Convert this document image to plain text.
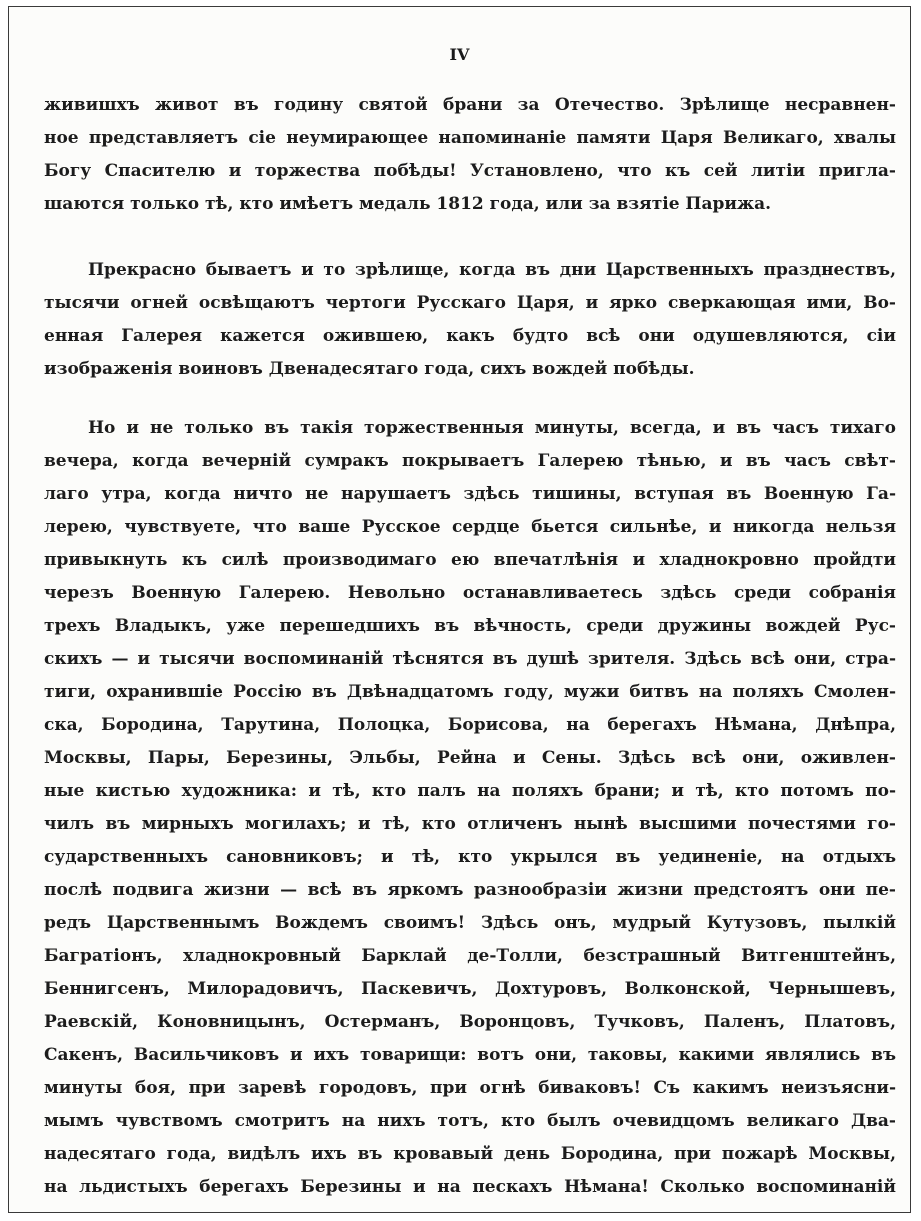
IV
живишхъ живот въ годину святой брани за Отечество. Зрѣлище несравнен-
ное представляетъ сіе неумирающее напоминаніе памяти Царя Великаго, хвалы
Богу Спасителю и торжества побѣды! Установлено, что къ сей литіи пригла-
шаются только тѣ, кто имѣетъ медаль 1812 года, или за взятіе Парижа.
Прекрасно бываетъ и то зрѣлище, когда въ дни Царственныхъ празднествъ,
тысячи огней освѣщаютъ чертоги Русскаго Царя, и ярко сверкающая ими, Во-
енная Галерея кажется ожившею, какъ будто всѣ они одушевляются, сіи
изображенія воиновъ Двенадесятаго года, сихъ вождей побѣды.
Но и не только въ такія торжественныя минуты, всегда, и въ часъ тихаго
вечера, когда вечерній сумракъ покрываетъ Галерею тѣнью, и въ часъ свѣт-
лаго утра, когда ничто не нарушаетъ здѣсь тишины, вступая въ Военную Га-
лерею, чувствуете, что ваше Русское сердце бьется сильнѣе, и никогда нельзя
привыкнуть къ силѣ производимаго ею впечатлѣнія и хладнокровно пройдти
черезъ Военную Галерею. Невольно останавливаетесь здѣсь среди собранія
трехъ Владыкъ, уже перешедшихъ въ вѣчность, среди дружины вождей Рус-
скихъ — и тысячи воспоминаній тѣснятся въ душѣ зрителя. Здѣсь всѣ они, стра-
тиги, охранившіе Россію въ Двѣнадцатомъ году, мужи битвъ на поляхъ Смолен-
ска, Бородина, Тарутина, Полоцка, Борисова, на берегахъ Нѣмана, Днѣпра,
Москвы, Пары, Березины, Эльбы, Рейна и Сены. Здѣсь всѣ они, оживлен-
ные кистью художника: и тѣ, кто палъ на поляхъ брани; и тѣ, кто потомъ по-
чилъ въ мирныхъ могилахъ; и тѣ, кто отличенъ нынѣ высшими почестями го-
сударственныхъ сановниковъ; и тѣ, кто укрылся въ уединеніе, на отдыхъ
послѣ подвига жизни — всѣ въ яркомъ разнообразіи жизни предстоятъ они пе-
редъ Царственнымъ Вождемъ своимъ! Здѣсь онъ, мудрый Кутузовъ, пылкій
Багратіонъ, хладнокровный Барклай де-Толли, безстрашный Витгенштейнъ,
Беннигсенъ, Милорадовичъ, Паскевичъ, Дохтуровъ, Волконской, Чернышевъ,
Раевскій, Коновницынъ, Остерманъ, Воронцовъ, Тучковъ, Паленъ, Платовъ,
Сакенъ, Васильчиковъ и ихъ товарищи: вотъ они, таковы, какими являлись въ
минуты боя, при заревѣ городовъ, при огнѣ биваковъ! Съ какимъ неизъясни-
мымъ чувствомъ смотритъ на нихъ тотъ, кто былъ очевидцомъ великаго Два-
надесятаго года, видѣлъ ихъ въ кровавый день Бородина, при пожарѣ Москвы,
на льдистыхъ берегахъ Березины и на пескахъ Нѣмана! Сколько воспоминаній
